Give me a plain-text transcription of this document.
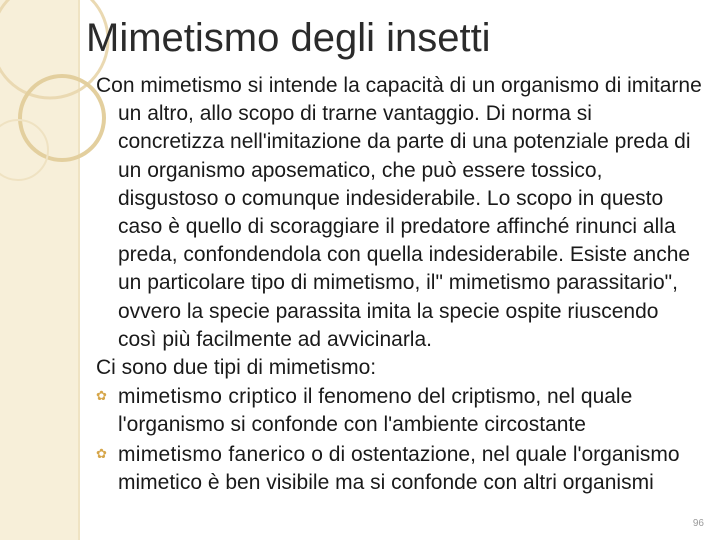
Mimetismo degli insetti

Con mimetismo si intende la capacità di un organismo di imitarne un altro, allo scopo di trarne vantaggio. Di norma si concretizza nell'imitazione da parte di una potenziale preda di un organismo aposematico, che può essere tossico, disgustoso o comunque indesiderabile. Lo scopo in questo caso è quello di scoraggiare il predatore affinché rinunci alla preda, confondendola con quella indesiderabile. Esiste anche un particolare tipo di mimetismo, il" mimetismo parassitario", ovvero la specie parassita imita la specie ospite riuscendo così più facilmente ad avvicinarla.

Ci sono due tipi di mimetismo:

✿ mimetismo criptico il fenomeno del criptismo, nel quale l'organismo si confonde con l'ambiente circostante

✿ mimetismo fanerico o di ostentazione, nel quale l'organismo mimetico è ben visibile ma si confonde con altri organismi

96
